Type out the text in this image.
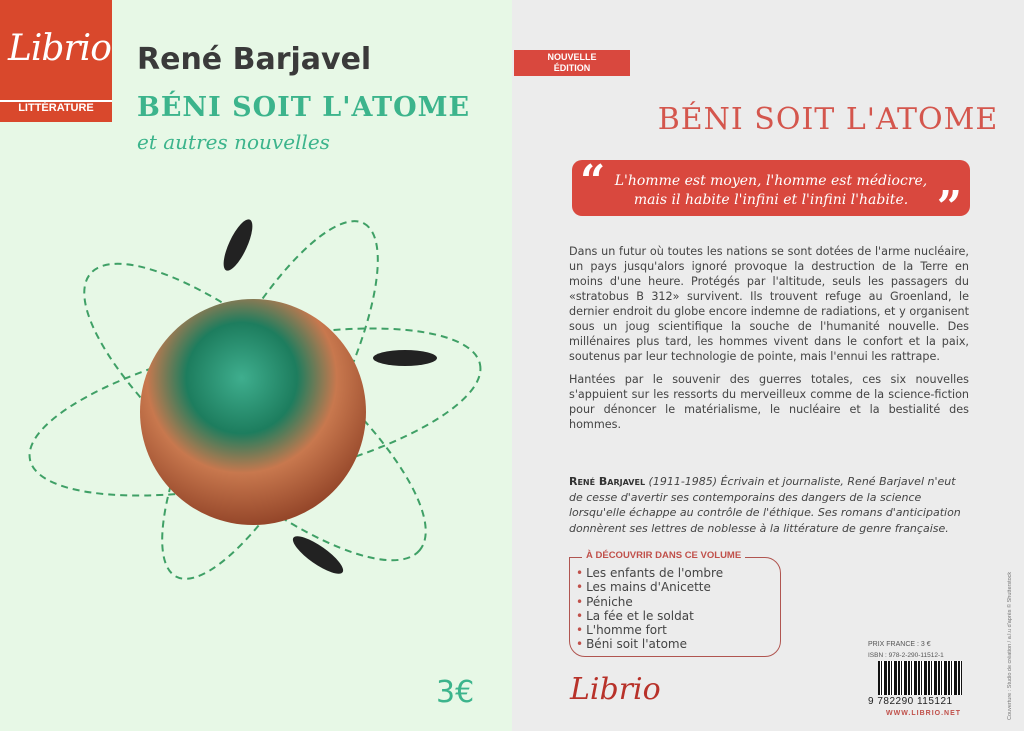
Librio
LITTÉRATURE
René Barjavel
BÉNI SOIT L'ATOME
et autres nouvelles
3€
NOUVELLE
ÉDITION
BÉNI SOIT L'ATOME
“ L'homme est moyen, l'homme est médiocre,
mais il habite l'infini et l'infini l'habite. ”

Dans un futur où toutes les nations se sont dotées de l'arme nucléaire, un pays jusqu'alors ignoré provoque la destruction de la Terre en moins d'une heure. Protégés par l'altitude, seuls les passagers du «stratobus B 312» survivent. Ils trouvent refuge au Groenland, le dernier endroit du globe encore indemne de radiations, et y organisent sous un joug scientifique la souche de l'humanité nouvelle. Des millénaires plus tard, les hommes vivent dans le confort et la paix, soutenus par leur technologie de pointe, mais l'ennui les rattrape.

Hantées par le souvenir des guerres totales, ces six nouvelles s'appuient sur les ressorts du merveilleux comme de la science-fiction pour dénoncer le matérialisme, le nucléaire et la bestialité des hommes.

René Barjavel (1911-1985) Écrivain et journaliste, René Barjavel n'eut de cesse d'avertir ses contemporains des dangers de la science lorsqu'elle échappe au contrôle de l'éthique. Ses romans d'anticipation donnèrent ses lettres de noblesse à la littérature de genre française.
À DÉCOUVRIR DANS CE VOLUME
• Les enfants de l'ombre
• Les mains d'Anicette
• Péniche
• La fée et le soldat
• L'homme fort
• Béni soit l'atome
Librio
PRIX FRANCE : 3 €
ISBN : 978-2-290-11512-1
9 782290 115121
WWW.LIBRIO.NET	Couverture : Studio de création / a.l.u d'après © Shutterstock
